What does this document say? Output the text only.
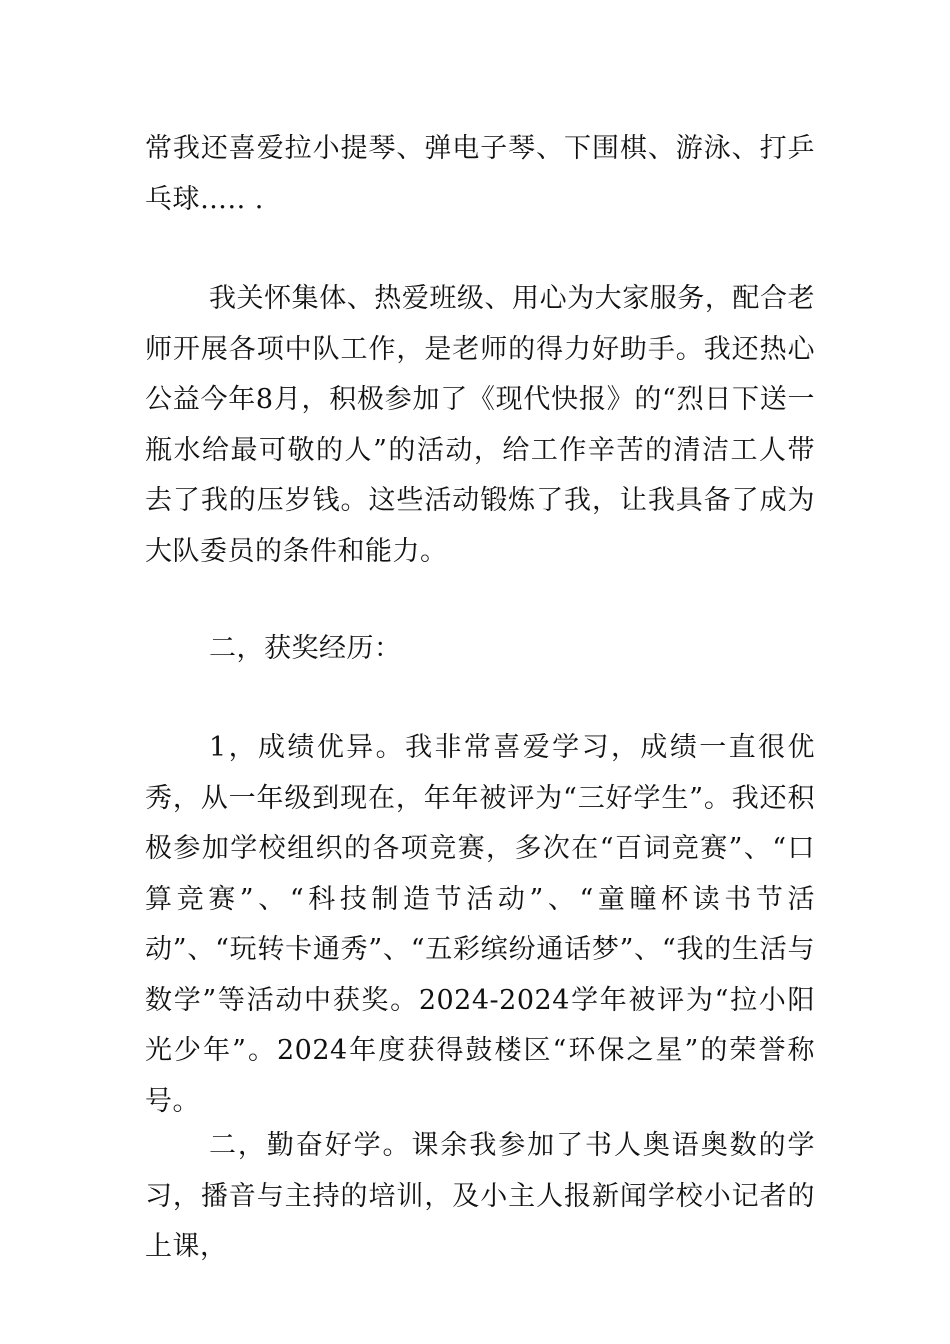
常我还喜爱拉小提琴、弹电子琴、下围棋、游泳、打乒乓球….. .

我关怀集体、热爱班级、用心为大家服务，配合老师开展各项中队工作，是老师的得力好助手。我还热心公益今年8月，积极参加了《现代快报》的“烈日下送一瓶水给最可敬的人”的活动，给工作辛苦的清洁工人带去了我的压岁钱。这些活动锻炼了我，让我具备了成为大队委员的条件和能力。

二，获奖经历：

1，成绩优异。我非常喜爱学习，成绩一直很优秀，从一年级到现在，年年被评为“三好学生”。我还积极参加学校组织的各项竞赛，多次在“百词竞赛”、“口算竞赛”、“科技制造节活动”、“童瞳杯读书节活动”、“玩转卡通秀”、“五彩缤纷通话梦”、“我的生活与数学”等活动中获奖。2024-2024学年被评为“拉小阳光少年”。2024年度获得鼓楼区“环保之星”的荣誉称号。

二，勤奋好学。课余我参加了书人奥语奥数的学习，播音与主持的培训，及小主人报新闻学校小记者的上课，
